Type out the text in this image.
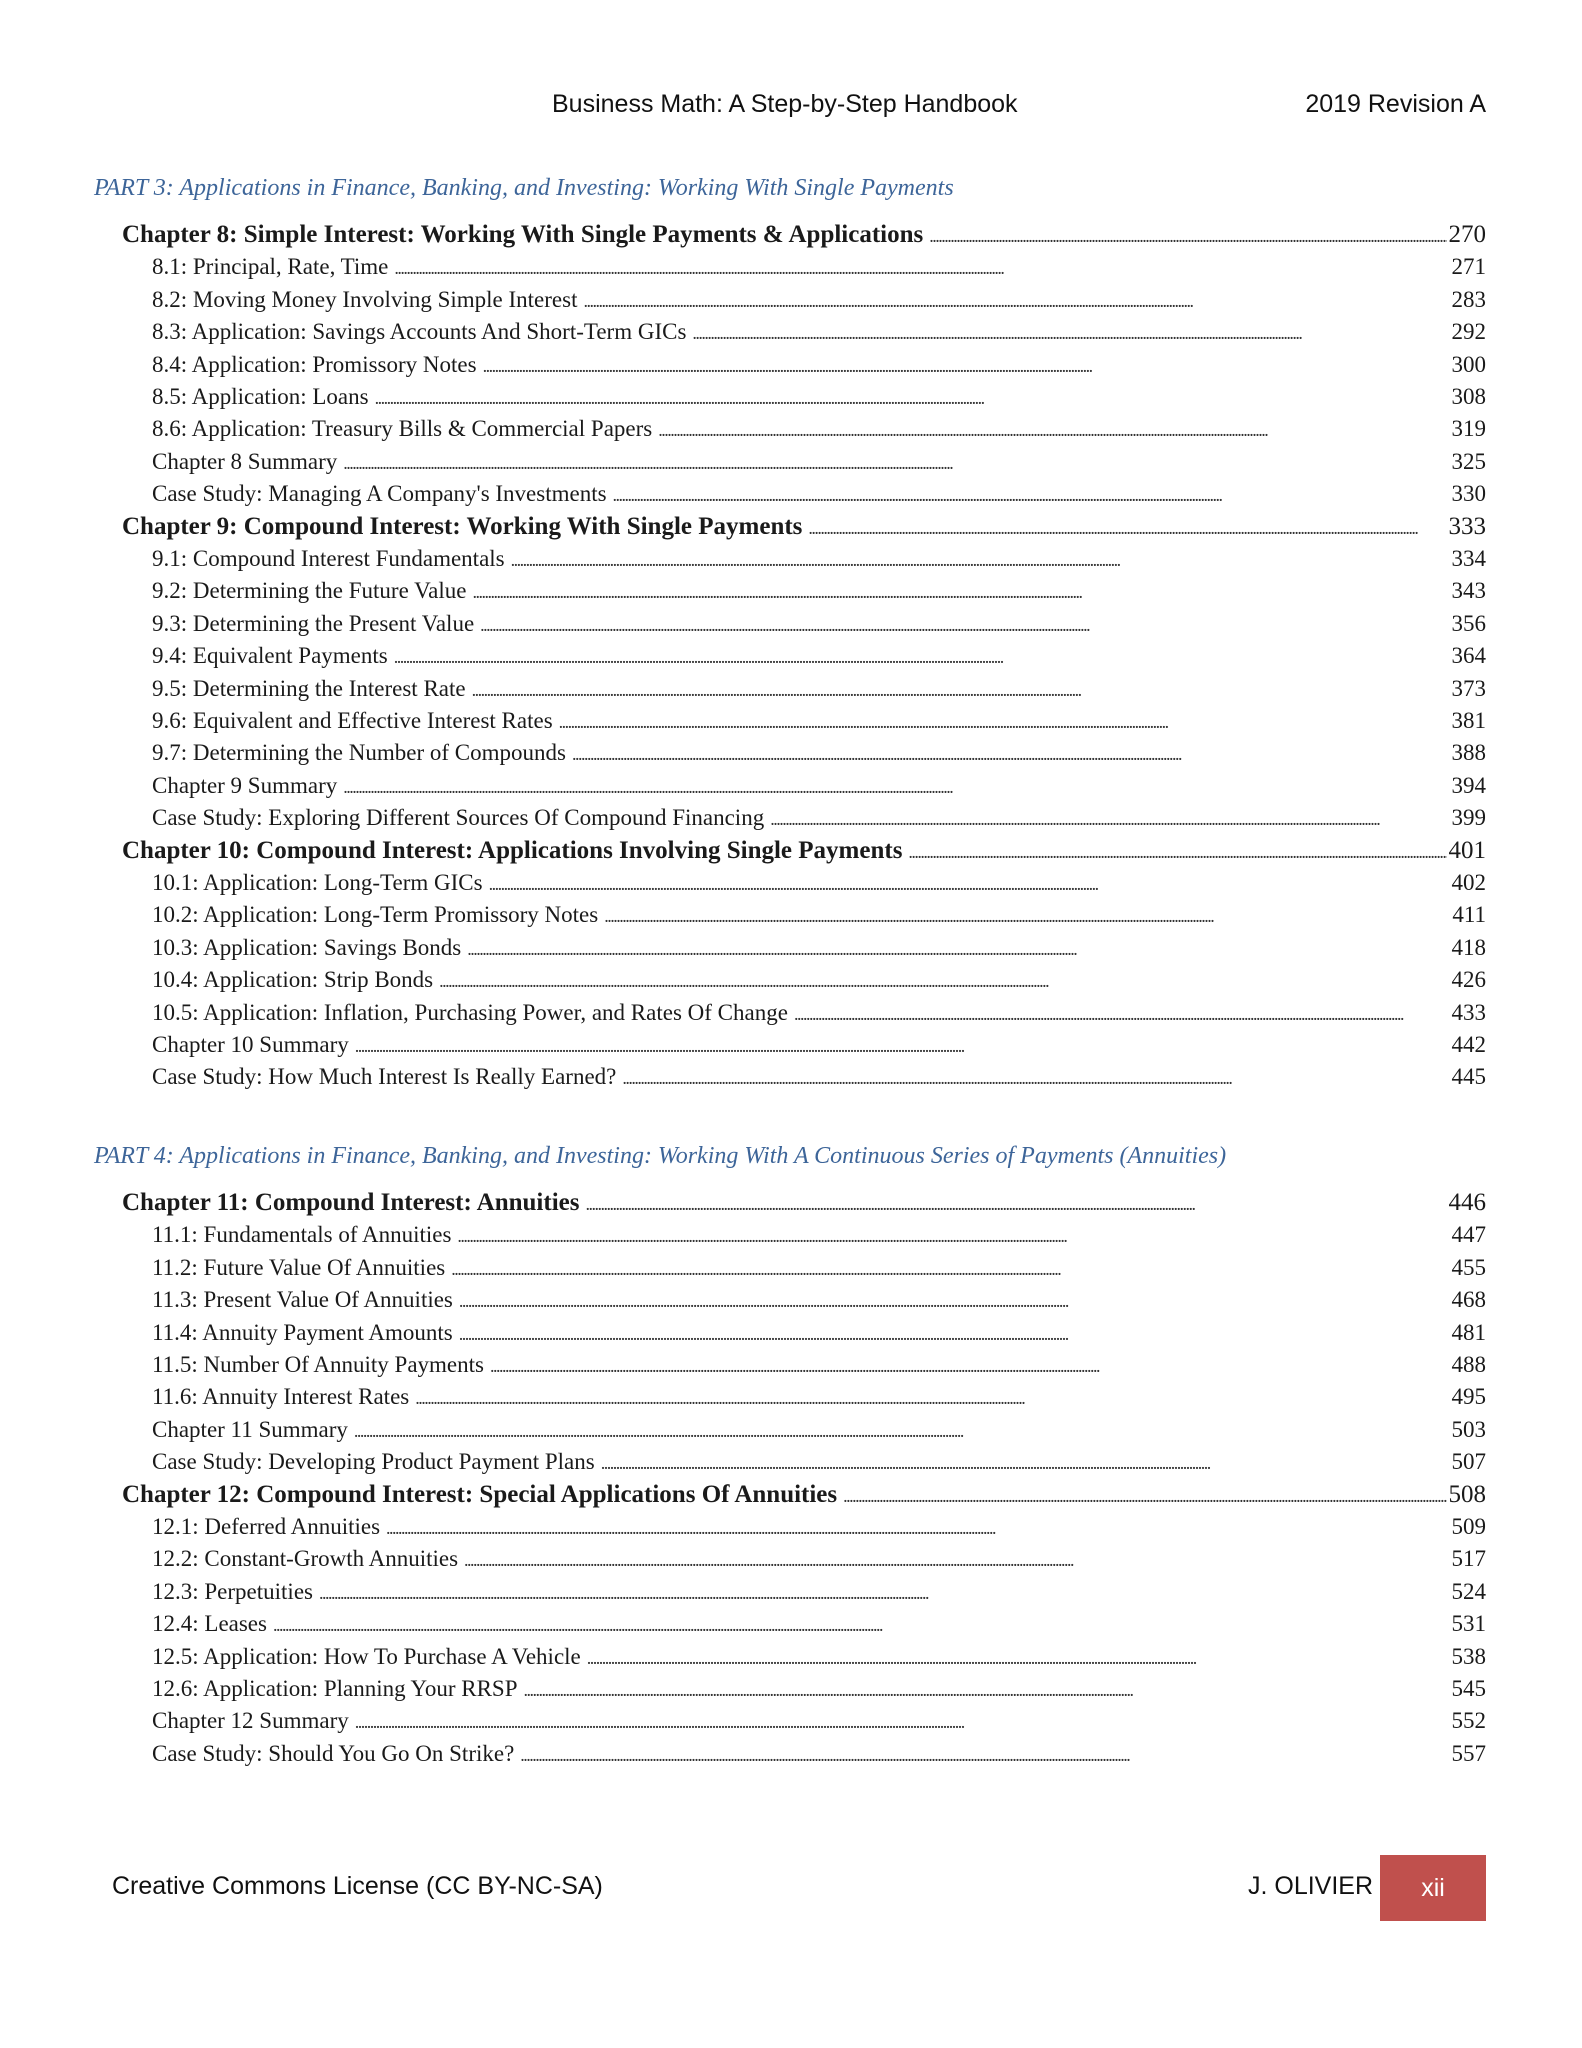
Business Math: A Step-by-Step Handbook	2019 Revision A
PART 3: Applications in Finance, Banking, and Investing: Working With Single Payments
Chapter 8: Simple Interest: Working With Single Payments & Applications . . .	270
8.1: Principal, Rate, Time . . .	271
8.2: Moving Money Involving Simple Interest . . .	283
8.3: Application: Savings Accounts And Short-Term GICs . . .	292
8.4: Application: Promissory Notes . . .	300
8.5: Application: Loans . . .	308
8.6: Application: Treasury Bills & Commercial Papers . . .	319
Chapter 8 Summary . . .	325
Case Study: Managing A Company's Investments . . .	330
Chapter 9: Compound Interest: Working With Single Payments . . .	333
9.1: Compound Interest Fundamentals . . .	334
9.2: Determining the Future Value . . .	343
9.3: Determining the Present Value . . .	356
9.4: Equivalent Payments . . .	364
9.5: Determining the Interest Rate . . .	373
9.6: Equivalent and Effective Interest Rates . . .	381
9.7: Determining the Number of Compounds . . .	388
Chapter 9 Summary . . .	394
Case Study: Exploring Different Sources Of Compound Financing . . .	399
Chapter 10: Compound Interest: Applications Involving Single Payments . . .	401
10.1: Application: Long-Term GICs . . .	402
10.2: Application: Long-Term Promissory Notes . . .	411
10.3: Application: Savings Bonds . . .	418
10.4: Application: Strip Bonds . . .	426
10.5: Application: Inflation, Purchasing Power, and Rates Of Change . . .	433
Chapter 10 Summary . . .	442
Case Study: How Much Interest Is Really Earned? . . .	445
PART 4: Applications in Finance, Banking, and Investing: Working With A Continuous Series of Payments (Annuities)
Chapter 11: Compound Interest: Annuities . . .	446
11.1: Fundamentals of Annuities . . .	447
11.2: Future Value Of Annuities . . .	455
11.3: Present Value Of Annuities . . .	468
11.4: Annuity Payment Amounts . . .	481
11.5: Number Of Annuity Payments . . .	488
11.6: Annuity Interest Rates . . .	495
Chapter 11 Summary . . .	503
Case Study: Developing Product Payment Plans . . .	507
Chapter 12: Compound Interest: Special Applications Of Annuities . . .	508
12.1: Deferred Annuities . . .	509
12.2: Constant-Growth Annuities . . .	517
12.3: Perpetuities . . .	524
12.4: Leases . . .	531
12.5: Application: How To Purchase A Vehicle . . .	538
12.6: Application: Planning Your RRSP . . .	545
Chapter 12 Summary . . .	552
Case Study: Should You Go On Strike? . . .	557
Creative Commons License (CC BY-NC-SA)	J. OLIVIER	xii
